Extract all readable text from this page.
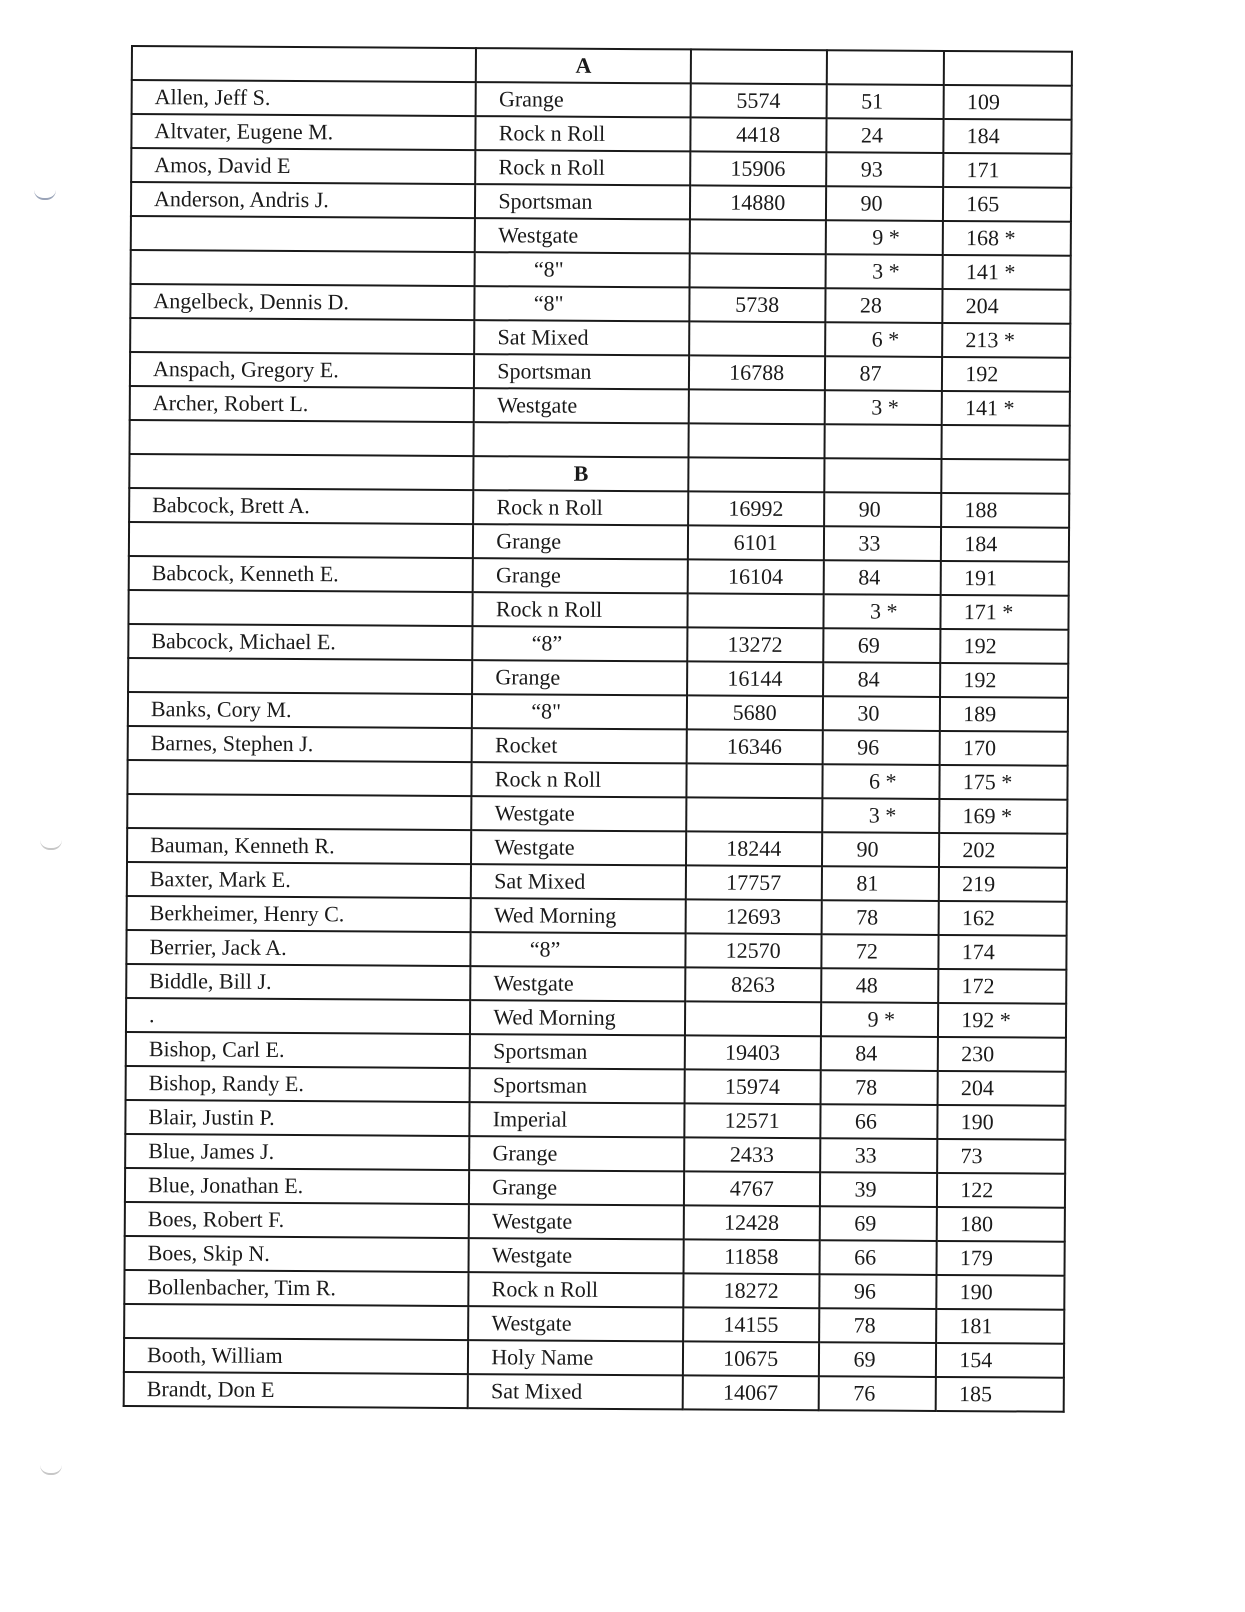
	A			
Allen, Jeff S.	Grange	5574	51	109
Altvater, Eugene M.	Rock n Roll	4418	24	184
Amos, David E	Rock n Roll	15906	93	171
Anderson, Andris J.	Sportsman	14880	90	165
	Westgate		9 *	168 *
	“8"		3 *	141 *
Angelbeck, Dennis D.	“8"	5738	28	204
	Sat Mixed		6 *	213 *
Anspach, Gregory E.	Sportsman	16788	87	192
Archer, Robert L.	Westgate		3 *	141 *

	B			
Babcock, Brett A.	Rock n Roll	16992	90	188
	Grange	6101	33	184
Babcock, Kenneth E.	Grange	16104	84	191
	Rock n Roll		3 *	171 *
Babcock, Michael E.	“8”	13272	69	192
	Grange	16144	84	192
Banks, Cory M.	“8"	5680	30	189
Barnes, Stephen J.	Rocket	16346	96	170
	Rock n Roll		6 *	175 *
	Westgate		3 *	169 *
Bauman, Kenneth R.	Westgate	18244	90	202
Baxter, Mark E.	Sat Mixed	17757	81	219
Berkheimer, Henry C.	Wed Morning	12693	78	162
Berrier, Jack A.	“8”	12570	72	174
Biddle, Bill J.	Westgate	8263	48	172
.	Wed Morning		9 *	192 *
Bishop, Carl E.	Sportsman	19403	84	230
Bishop, Randy E.	Sportsman	15974	78	204
Blair, Justin P.	Imperial	12571	66	190
Blue, James J.	Grange	2433	33	73
Blue, Jonathan E.	Grange	4767	39	122
Boes, Robert F.	Westgate	12428	69	180
Boes, Skip N.	Westgate	11858	66	179
Bollenbacher, Tim R.	Rock n Roll	18272	96	190
	Westgate	14155	78	181
Booth, William	Holy Name	10675	69	154
Brandt, Don E	Sat Mixed	14067	76	185
